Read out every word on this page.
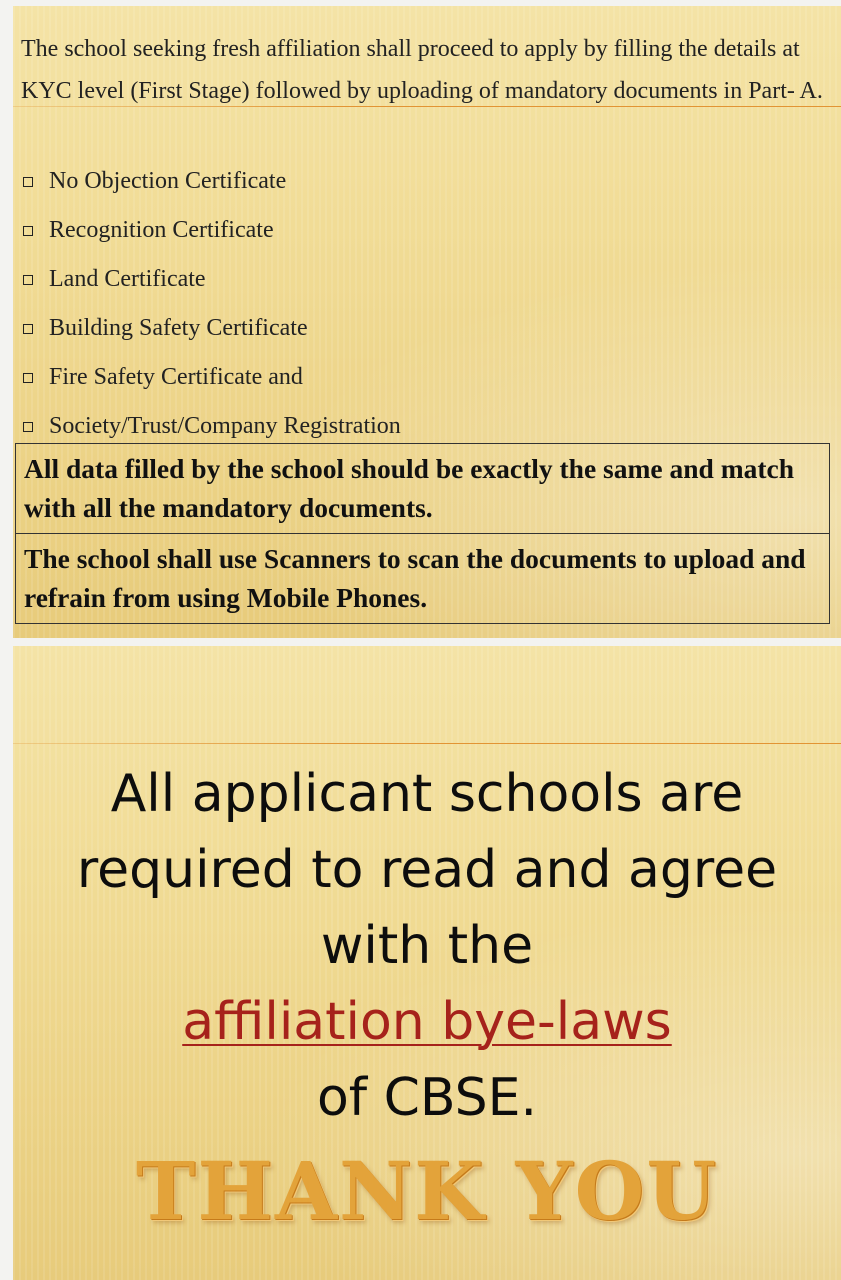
The school seeking fresh affiliation shall proceed to apply by filling the details at KYC level (First Stage) followed by uploading of mandatory documents in Part- A.
No Objection Certificate
Recognition Certificate
Land Certificate
Building Safety Certificate
Fire Safety Certificate and
Society/Trust/Company Registration
All data filled by the school should be exactly the same and match with all the mandatory documents.
The school shall use Scanners to scan the documents to upload and refrain from using Mobile Phones.
All applicant schools are
required to read and agree
with the
affiliation bye-laws
of CBSE.
THANK YOU
